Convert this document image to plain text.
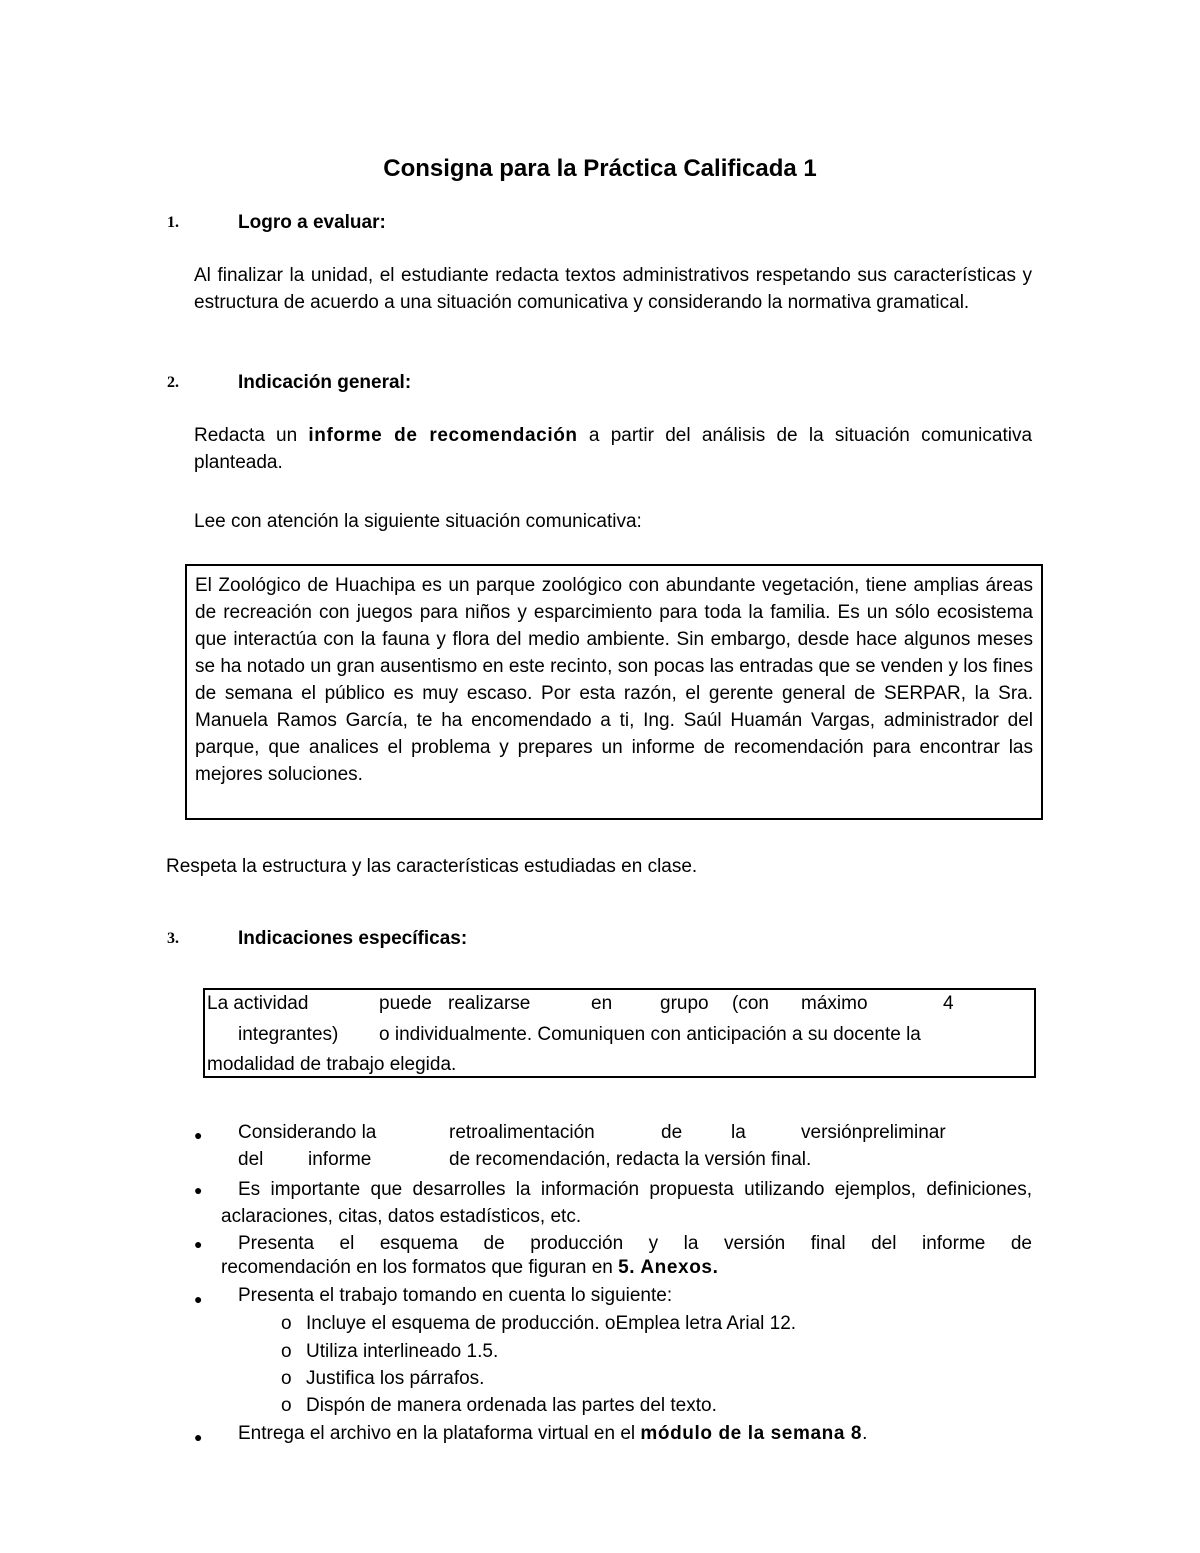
Consigna para la Práctica Calificada 1
1.	Logro a evaluar:
Al finalizar la unidad, el estudiante redacta textos administrativos respetando sus características y estructura de acuerdo a una situación comunicativa y considerando la normativa gramatical.
2.	Indicación general:
Redacta un informe de recomendación a partir del análisis de la situación comunicativa planteada.
Lee con atención la siguiente situación comunicativa:
El Zoológico de Huachipa es un parque zoológico con abundante vegetación, tiene amplias áreas de recreación con juegos para niños y esparcimiento para toda la familia. Es un sólo ecosistema que interactúa con la fauna y flora del medio ambiente. Sin embargo, desde hace algunos meses se ha notado un gran ausentismo en este recinto, son pocas las entradas que se venden y los fines de semana el público es muy escaso. Por esta razón, el gerente general de SERPAR, la Sra. Manuela Ramos García, te ha encomendado a ti, Ing. Saúl Huamán Vargas, administrador del parque, que analices el problema y prepares un informe de recomendación para encontrar las mejores soluciones.
Respeta la estructura y las características estudiadas en clase.
3.	Indicaciones específicas:
La actividad	puede realizarse	en	grupo (con máximo	4
integrantes) o individualmente. Comuniquen con anticipación a su docente la
modalidad de trabajo elegida.
● Considerando la	retroalimentación	de	la	versiónpreliminar
del informe	de recomendación, redacta la versión final.
●	Es importante que desarrolles la información propuesta utilizando ejemplos, definiciones, aclaraciones, citas, datos estadísticos, etc.
● Presenta el esquema de producción y la versión final del informe de
recomendación en los formatos que figuran en 5. Anexos.
● Presenta el trabajo tomando en cuenta lo siguiente:
o Incluye el esquema de producción. oEmplea letra Arial 12.
o Utiliza interlineado 1.5.
o Justifica los párrafos.
o Dispón de manera ordenada las partes del texto.
● Entrega el archivo en la plataforma virtual en el módulo de la semana 8.
